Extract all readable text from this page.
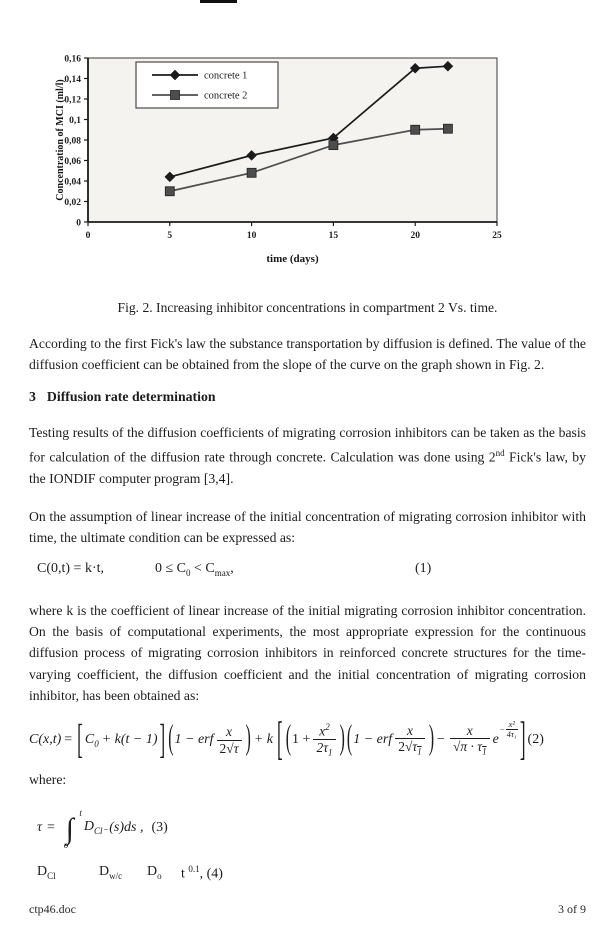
0
0,02
0,04
0,06
0,08
0,1
0,12
0,14
0,16
0	5	10	15	20	25
concrete 1
concrete 2
time (days)
Concentration of MCI (ml/l)
Fig. 2. Increasing inhibitor concentrations in compartment 2 Vs. time.

According to the first Fick's law the substance transportation by diffusion is defined. The value of the diffusion coefficient can be obtained from the slope of the curve on the graph shown in Fig. 2.

3 Diffusion rate determination

Testing results of the diffusion coefficients of migrating corrosion inhibitors can be taken as the basis for calculation of the diffusion rate through concrete. Calculation was done using 2nd Fick's law, by the IONDIF computer program [3,4].

On the assumption of linear increase of the initial concentration of migrating corrosion inhibitor with time, the ultimate condition can be expressed as:

C(0,t) = k·t,	$0 \le C_0 < C_{max}$,	(1)

where k is the coefficient of linear increase of the initial migrating corrosion inhibitor concentration. On the basis of computational experiments, the most appropriate expression for the continuous diffusion process of migrating corrosion inhibitors in reinforced concrete structures for the time-varying coefficient, the diffusion coefficient and the initial concentration of migrating corrosion inhibitor, has been obtained as:

C(x,t) = [ $C_0 + k(t - 1)$ ] ( 1 − erf $\frac{x}{2√\tau}$ ) + k [ ( $1 + \frac{x^2}{2\tau_1}$ ) ( 1 − erf $\frac{x}{2√\tau_1}$ ) − $\frac{x}{√\pi \cdot \tau_1}$ e
− $\frac{\text{x²}}{\text{4τ₁}}$ ] (2)
where:
τ =
t
∫
o
$D_{Cl^-}$ (s)ds , (3)
$D_{Cl}$	$D_{w/c}$ $D_o$ t $^{0.1}$, (4)
ctp46.doc	3 of 9
